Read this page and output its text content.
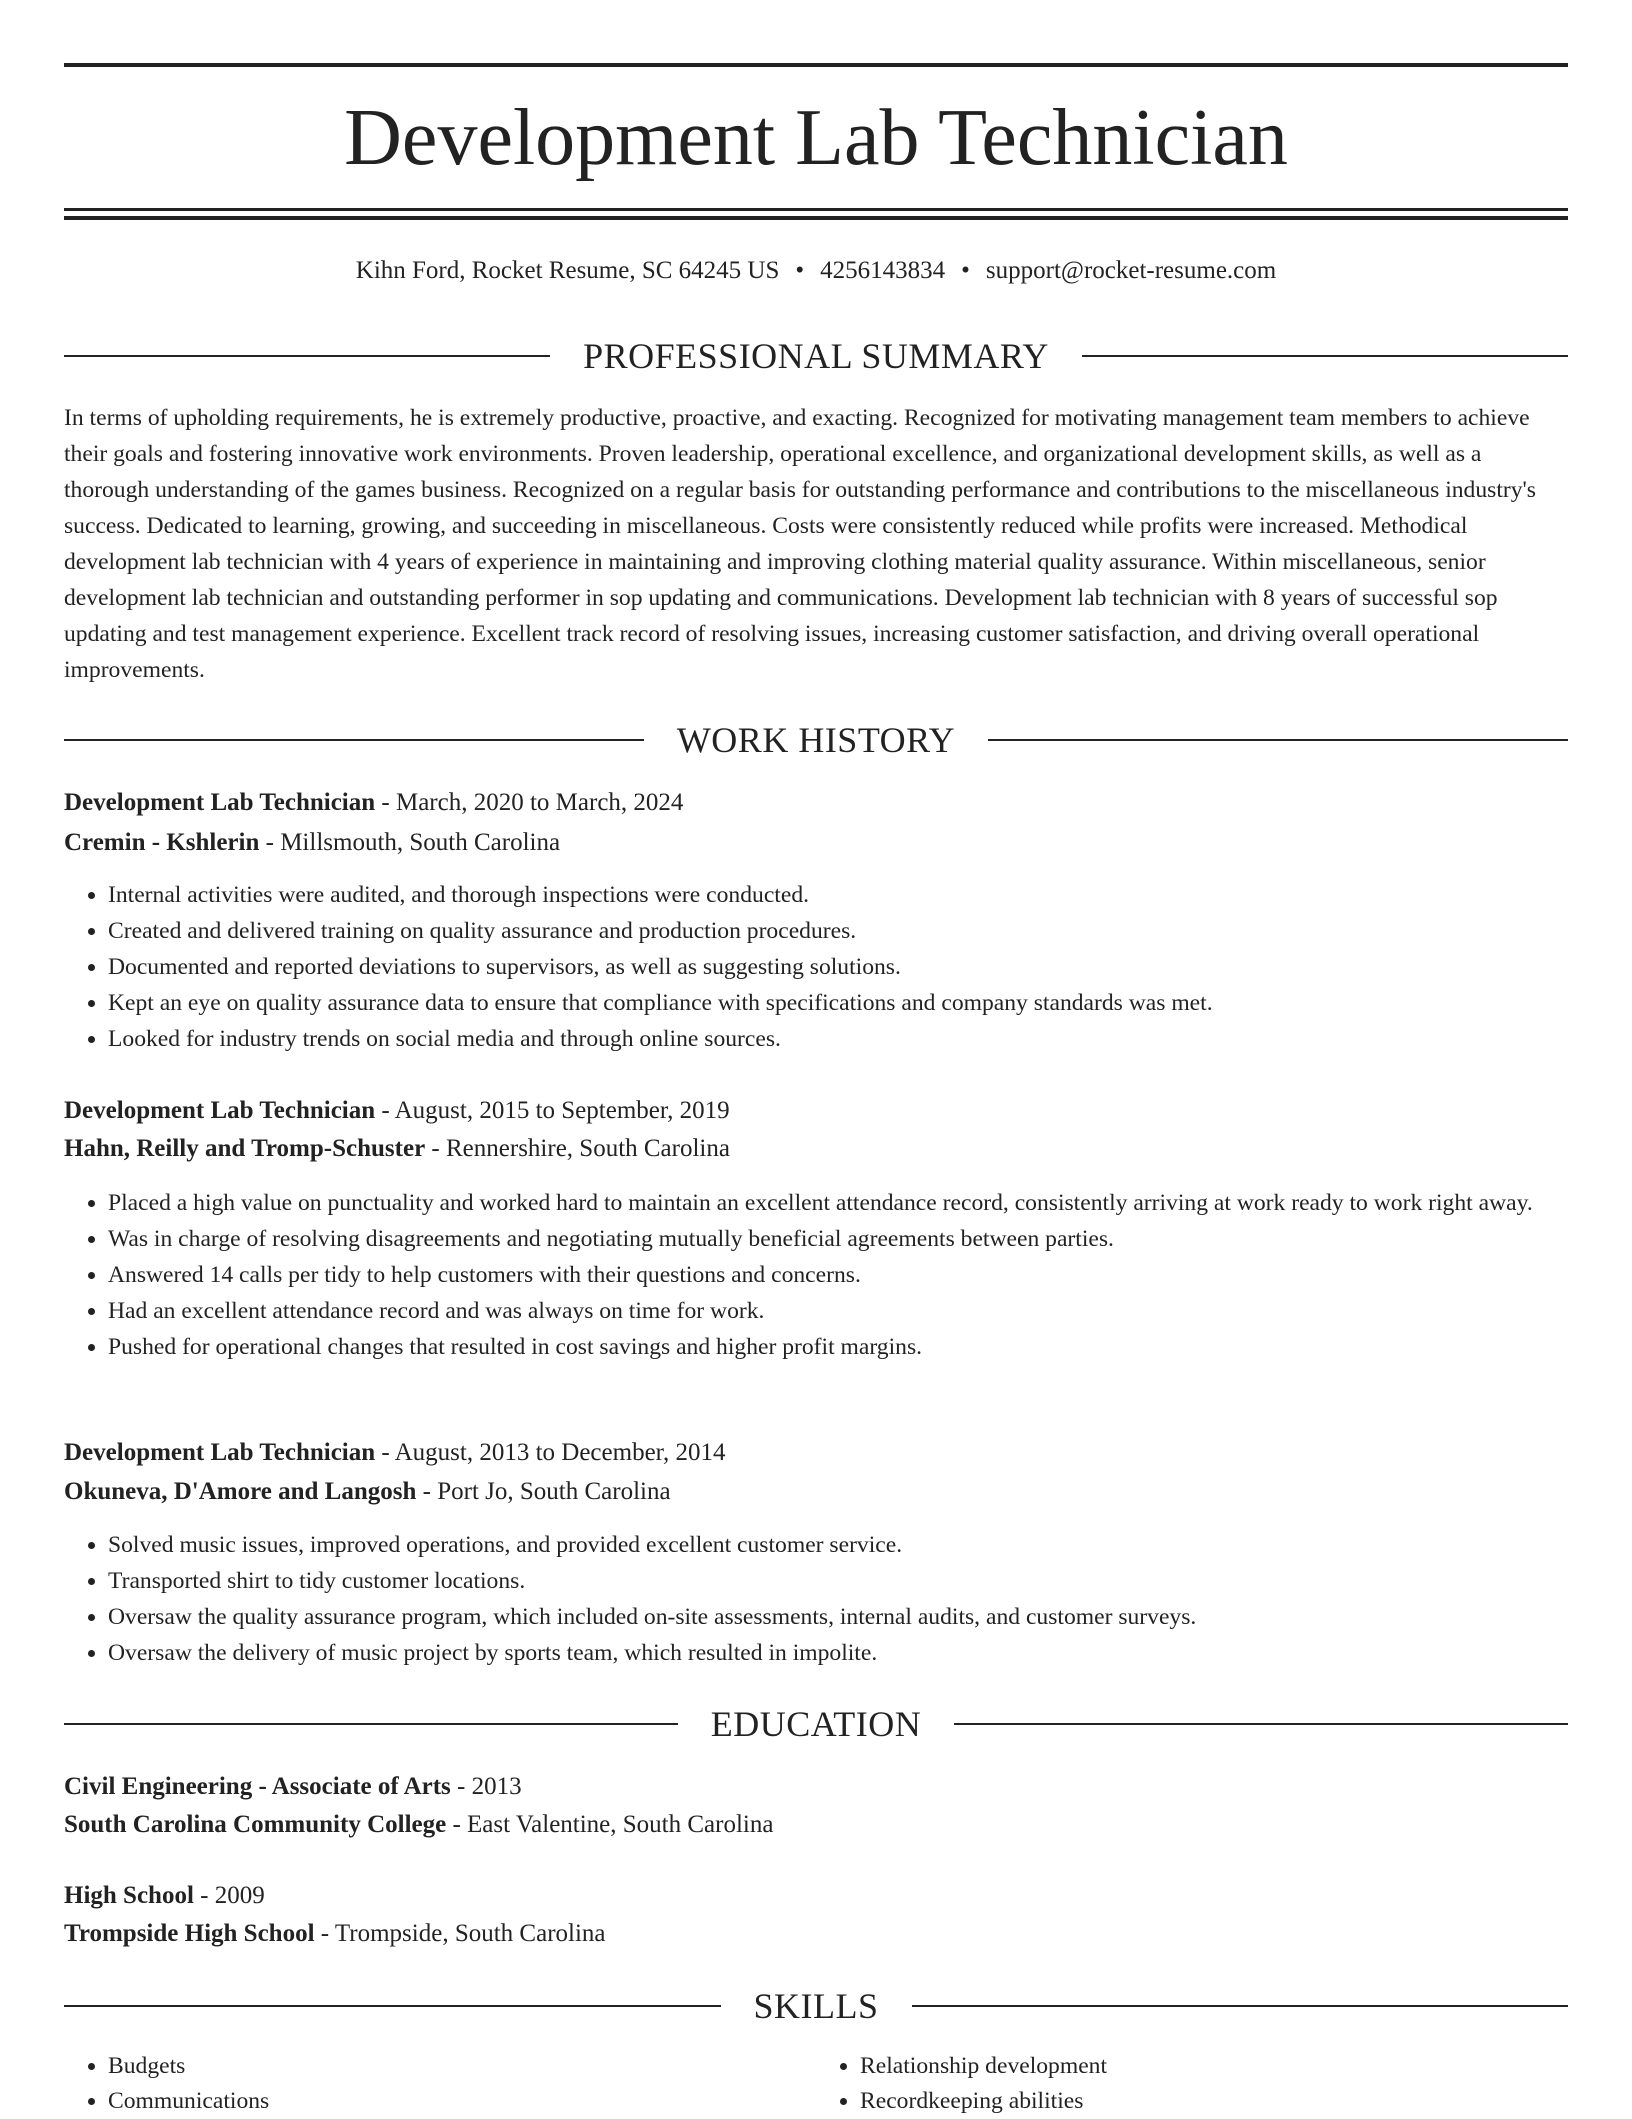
Development Lab Technician
Kihn Ford, Rocket Resume, SC 64245 US • 4256143834 • support@rocket-resume.com
PROFESSIONAL SUMMARY

In terms of upholding requirements, he is extremely productive, proactive, and exacting. Recognized for motivating management team members to achieve their goals and fostering innovative work environments. Proven leadership, operational excellence, and organizational development skills, as well as a thorough understanding of the games business. Recognized on a regular basis for outstanding performance and contributions to the miscellaneous industry's success. Dedicated to learning, growing, and succeeding in miscellaneous. Costs were consistently reduced while profits were increased. Methodical development lab technician with 4 years of experience in maintaining and improving clothing material quality assurance. Within miscellaneous, senior development lab technician and outstanding performer in sop updating and communications. Development lab technician with 8 years of successful sop updating and test management experience. Excellent track record of resolving issues, increasing customer satisfaction, and driving overall operational improvements.

WORK HISTORY
Development Lab Technician - March, 2020 to March, 2024
Cremin - Kshlerin - Millsmouth, South Carolina
• Internal activities were audited, and thorough inspections were conducted.
• Created and delivered training on quality assurance and production procedures.
• Documented and reported deviations to supervisors, as well as suggesting solutions.
• Kept an eye on quality assurance data to ensure that compliance with specifications and company standards was met.
• Looked for industry trends on social media and through online sources.
Development Lab Technician - August, 2015 to September, 2019
Hahn, Reilly and Tromp-Schuster - Rennershire, South Carolina
• Placed a high value on punctuality and worked hard to maintain an excellent attendance record, consistently arriving at work ready to work right away.
• Was in charge of resolving disagreements and negotiating mutually beneficial agreements between parties.
• Answered 14 calls per tidy to help customers with their questions and concerns.
• Had an excellent attendance record and was always on time for work.
• Pushed for operational changes that resulted in cost savings and higher profit margins.
Development Lab Technician - August, 2013 to December, 2014
Okuneva, D'Amore and Langosh - Port Jo, South Carolina
• Solved music issues, improved operations, and provided excellent customer service.
• Transported shirt to tidy customer locations.
• Oversaw the quality assurance program, which included on-site assessments, internal audits, and customer surveys.
• Oversaw the delivery of music project by sports team, which resulted in impolite.
EDUCATION
Civil Engineering - Associate of Arts - 2013
South Carolina Community College - East Valentine, South Carolina
High School - 2009
Trompside High School - Trompside, South Carolina
SKILLS
• Budgets
• Communications
• Relationship development
• Recordkeeping abilities
